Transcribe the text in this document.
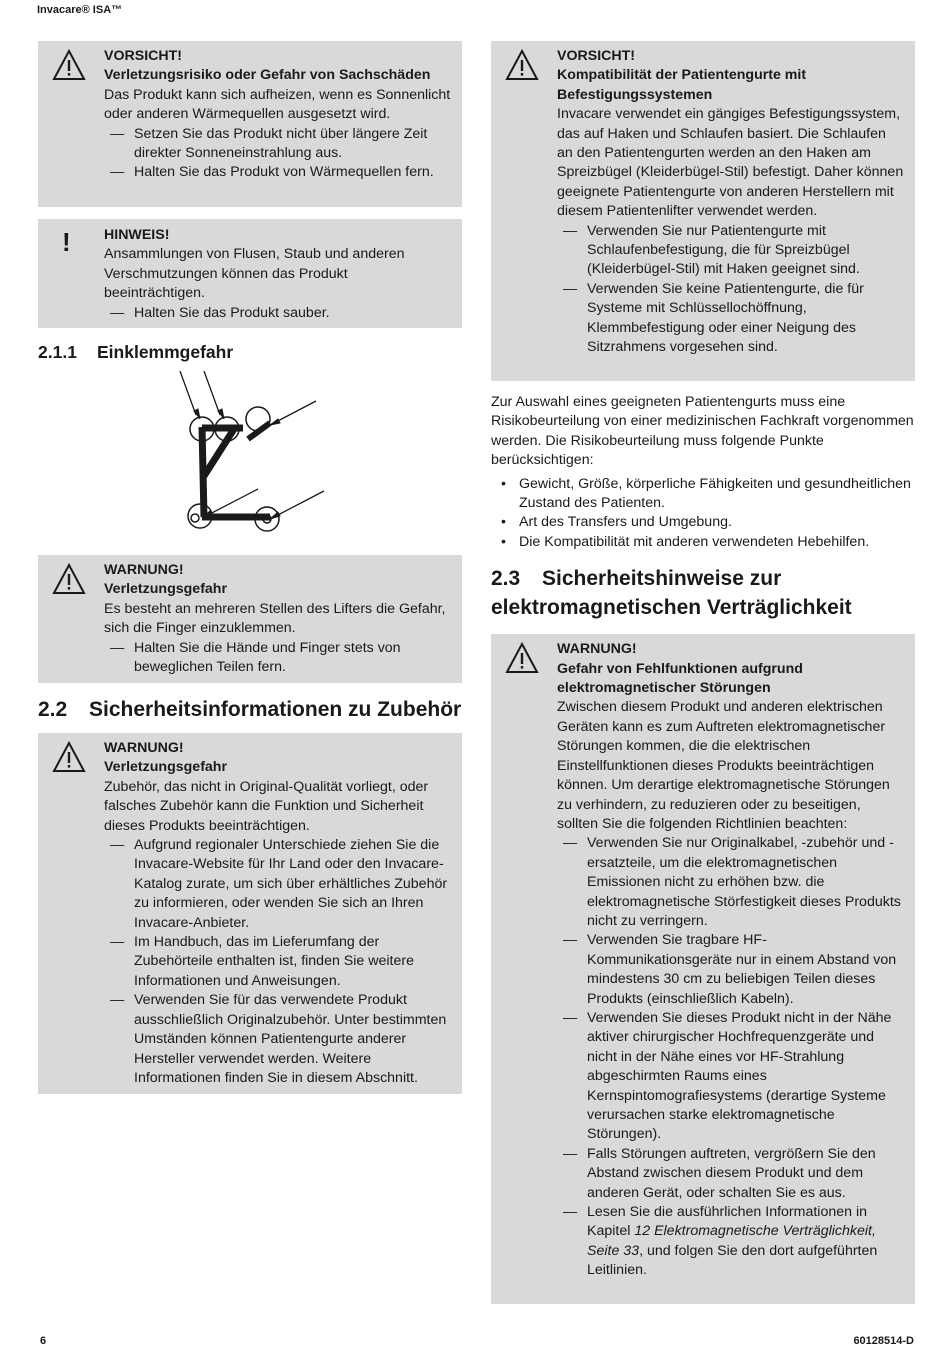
Invacare® ISA™
VORSICHT!
Verletzungsrisiko oder Gefahr von Sachschäden
Das Produkt kann sich aufheizen, wenn es Sonnenlicht oder anderen Wärmequellen ausgesetzt wird.
— Setzen Sie das Produkt nicht über längere Zeit direkter Sonneneinstrahlung aus.
— Halten Sie das Produkt von Wärmequellen fern.
! HINWEIS!
Ansammlungen von Flusen, Staub und anderen Verschmutzungen können das Produkt beeinträchtigen.
— Halten Sie das Produkt sauber.
2.1.1 Einklemmgefahr
WARNUNG!
Verletzungsgefahr
Es besteht an mehreren Stellen des Lifters die Gefahr, sich die Finger einzuklemmen.
— Halten Sie die Hände und Finger stets von beweglichen Teilen fern.
2.2 Sicherheitsinformationen zu Zubehör
WARNUNG!
Verletzungsgefahr
Zubehör, das nicht in Original-Qualität vorliegt, oder falsches Zubehör kann die Funktion und Sicherheit dieses Produkts beeinträchtigen.
— Aufgrund regionaler Unterschiede ziehen Sie die Invacare-Website für Ihr Land oder den Invacare-Katalog zurate, um sich über erhältliches Zubehör zu informieren, oder wenden Sie sich an Ihren Invacare-Anbieter.
— Im Handbuch, das im Lieferumfang der Zubehörteile enthalten ist, finden Sie weitere Informationen und Anweisungen.
— Verwenden Sie für das verwendete Produkt ausschließlich Originalzubehör. Unter bestimmten Umständen können Patientengurte anderer Hersteller verwendet werden. Weitere Informationen finden Sie in diesem Abschnitt.
VORSICHT!
Kompatibilität der Patientengurte mit Befestigungssystemen
Invacare verwendet ein gängiges Befestigungssystem, das auf Haken und Schlaufen basiert. Die Schlaufen an den Patientengurten werden an den Haken am Spreizbügel (Kleiderbügel-Stil) befestigt. Daher können geeignete Patientengurte von anderen Herstellern mit diesem Patientenlifter verwendet werden.
— Verwenden Sie nur Patientengurte mit Schlaufenbefestigung, die für Spreizbügel (Kleiderbügel-Stil) mit Haken geeignet sind.
— Verwenden Sie keine Patientengurte, die für Systeme mit Schlüssellochöffnung, Klemmbefestigung oder einer Neigung des Sitzrahmens vorgesehen sind.

Zur Auswahl eines geeigneten Patientengurts muss eine Risikobeurteilung von einer medizinischen Fachkraft vorgenommen werden. Die Risikobeurteilung muss folgende Punkte berücksichtigen:

• Gewicht, Größe, körperliche Fähigkeiten und gesundheitlichen Zustand des Patienten.
• Art des Transfers und Umgebung.
• Die Kompatibilität mit anderen verwendeten Hebehilfen.
2.3 Sicherheitshinweise zur
elektromagnetischen Verträglichkeit
WARNUNG!
Gefahr von Fehlfunktionen aufgrund elektromagnetischer Störungen
Zwischen diesem Produkt und anderen elektrischen Geräten kann es zum Auftreten elektromagnetischer Störungen kommen, die die elektrischen Einstellfunktionen dieses Produkts beeinträchtigen können. Um derartige elektromagnetische Störungen zu verhindern, zu reduzieren oder zu beseitigen, sollten Sie die folgenden Richtlinien beachten:
— Verwenden Sie nur Originalkabel, -zubehör und -ersatzteile, um die elektromagnetischen Emissionen nicht zu erhöhen bzw. die elektromagnetische Störfestigkeit dieses Produkts nicht zu verringern.
— Verwenden Sie tragbare HF-Kommunikationsgeräte nur in einem Abstand von mindestens 30 cm zu beliebigen Teilen dieses Produkts (einschließlich Kabeln).
— Verwenden Sie dieses Produkt nicht in der Nähe aktiver chirurgischer Hochfrequenzgeräte und nicht in der Nähe eines vor HF-Strahlung abgeschirmten Raums eines Kernspintomografiesystems (derartige Systeme verursachen starke elektromagnetische Störungen).
— Falls Störungen auftreten, vergrößern Sie den Abstand zwischen diesem Produkt und dem anderen Gerät, oder schalten Sie es aus.
— Lesen Sie die ausführlichen Informationen in Kapitel 12 Elektromagnetische Verträglichkeit, Seite 33, und folgen Sie den dort aufgeführten Leitlinien.
6	60128514-D
